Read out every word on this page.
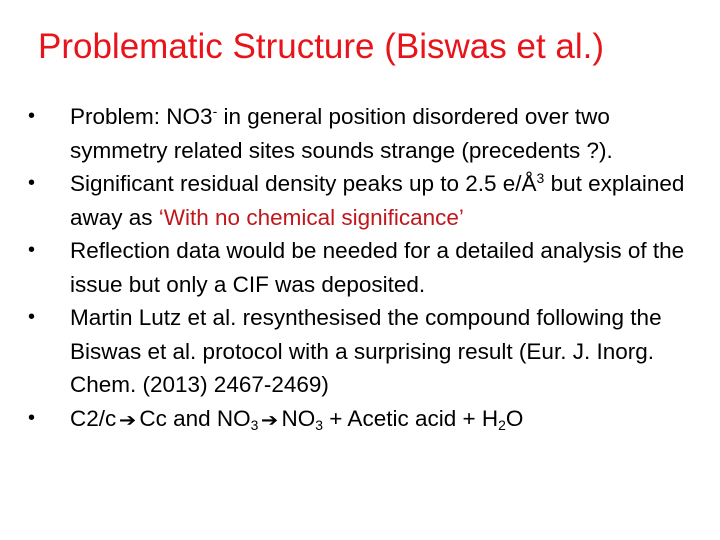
Problematic Structure (Biswas et al.)
• Problem: NO3- in general position disordered over two symmetry related sites sounds strange (precedents ?).
• Significant residual density peaks up to 2.5 $e/Å^3$ but explained away as ‘With no chemical significance’
• Reflection data would be needed for a detailed analysis of the issue but only a CIF was deposited.
• Martin Lutz et al. resynthesised the compound following the Biswas et al. protocol with a surprising result (Eur. J. Inorg. Chem. (2013) 2467-2469)
• C2/c ➔ Cc and $NO_3$ ➔ $NO_3$ + Acetic acid + $H_2O$
